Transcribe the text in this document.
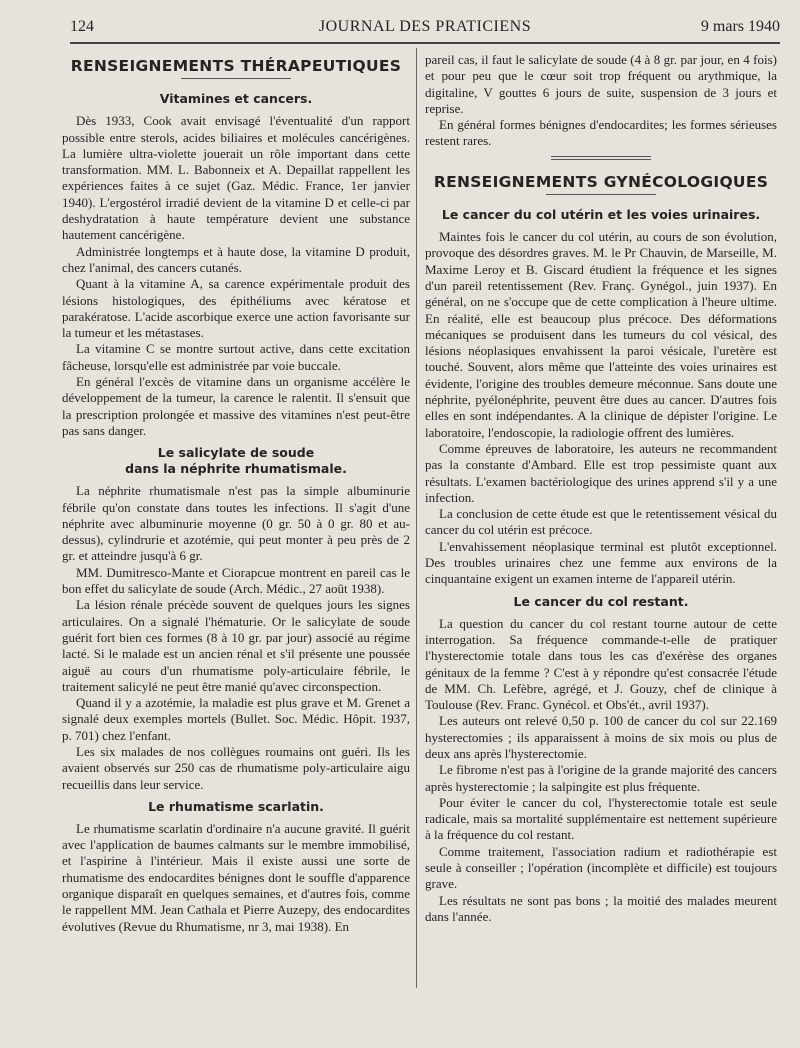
124	JOURNAL DES PRATICIENS	9 mars 1940
RENSEIGNEMENTS THÉRAPEUTIQUES
Vitamines et cancers.

Dès 1933, Cook avait envisagé l'éventualité d'un rapport possible entre sterols, acides biliaires et molécules cancérigènes. La lumière ultra-violette jouerait un rôle important dans cette transformation. MM. L. Babonneix et A. Depaillat rappellent les expériences faites à ce sujet (Gaz. Médic. France, 1er janvier 1940). L'ergostérol irradié devient de la vitamine D et celle-ci par deshydratation à haute température devient une substance hautement cancérigène.

Administrée longtemps et à haute dose, la vitamine D produit, chez l'animal, des cancers cutanés.

Quant à la vitamine A, sa carence expérimentale produit des lésions histologiques, des épithéliums avec kératose et parakératose. L'acide ascorbique exerce une action favorisante sur la tumeur et les métastases.

La vitamine C se montre surtout active, dans cette excitation fâcheuse, lorsqu'elle est administrée par voie buccale.

En général l'excès de vitamine dans un organisme accélère le développement de la tumeur, la carence le ralentit. Il s'ensuit que la prescription prolongée et massive des vitamines n'est peut-être pas sans danger.

Le salicylate de soude
dans la néphrite rhumatismale.

La néphrite rhumatismale n'est pas la simple albuminurie fébrile qu'on constate dans toutes les infections. Il s'agit d'une néphrite avec albuminurie moyenne (0 gr. 50 à 0 gr. 80 et au-dessus), cylindrurie et azotémie, qui peut monter à peu près de 2 gr. et atteindre jusqu'à 6 gr.

MM. Dumitresco-Mante et Ciorapcue montrent en pareil cas le bon effet du salicylate de soude (Arch. Médic., 27 août 1938).

La lésion rénale précède souvent de quelques jours les signes articulaires. On a signalé l'hématurie. Or le salicylate de soude guérit fort bien ces formes (8 à 10 gr. par jour) associé au régime lacté. Si le malade est un ancien rénal et s'il présente une poussée aiguë au cours d'un rhumatisme poly-articulaire fébrile, le traitement salicylé ne peut être manié qu'avec circonspection.

Quand il y a azotémie, la maladie est plus grave et M. Grenet a signalé deux exemples mortels (Bullet. Soc. Médic. Hôpit. 1937, p. 701) chez l'enfant.

Les six malades de nos collègues roumains ont guéri. Ils les avaient observés sur 250 cas de rhumatisme poly-articulaire aigu recueillis dans leur service.

Le rhumatisme scarlatin.

Le rhumatisme scarlatin d'ordinaire n'a aucune gravité. Il guérit avec l'application de baumes calmants sur le membre immobilisé, et l'aspirine à l'intérieur. Mais il existe aussi une sorte de rhumatisme des endocardites bénignes dont le souffle d'apparence organique disparaît en quelques semaines, et d'autres fois, comme le rappellent MM. Jean Cathala et Pierre Auzepy, des endocardites évolutives (Revue du Rhumatisme, nr 3, mai 1938). En

pareil cas, il faut le salicylate de soude (4 à 8 gr. par jour, en 4 fois) et pour peu que le cœur soit trop fréquent ou arythmique, la digitaline, V gouttes 6 jours de suite, suspension de 3 jours et reprise.

En général formes bénignes d'endocardites; les formes sérieuses restent rares.

RENSEIGNEMENTS GYNÉCOLOGIQUES
Le cancer du col utérin et les voies urinaires.

Maintes fois le cancer du col utérin, au cours de son évolution, provoque des désordres graves. M. le Pr Chauvin, de Marseille, M. Maxime Leroy et B. Giscard étudient la fréquence et les signes d'un pareil retentissement (Rev. Franç. Gynégol., juin 1937). En général, on ne s'occupe que de cette complication à l'heure ultime. En réalité, elle est beaucoup plus précoce. Des déformations mécaniques se produisent dans les tumeurs du col vésical, des lésions néoplasiques envahissent la paroi vésicale, l'uretère est touché. Souvent, alors même que l'atteinte des voies urinaires est évidente, l'origine des troubles demeure méconnue. Sans doute une néphrite, pyélonéphrite, peuvent être dues au cancer. D'autres fois elles en sont indépendantes. A la clinique de dépister l'origine. Le laboratoire, l'endoscopie, la radiologie offrent des lumières.

Comme épreuves de laboratoire, les auteurs ne recommandent pas la constante d'Ambard. Elle est trop pessimiste quant aux résultats. L'examen bactériologique des urines apprend s'il y a une infection.

La conclusion de cette étude est que le retentissement vésical du cancer du col utérin est précoce.

L'envahissement néoplasique terminal est plutôt exceptionnel. Des troubles urinaires chez une femme aux environs de la cinquantaine exigent un examen interne de l'appareil utérin.

Le cancer du col restant.

La question du cancer du col restant tourne autour de cette interrogation. Sa fréquence commande-t-elle de pratiquer l'hysterectomie totale dans tous les cas d'exérèse des organes génitaux de la femme ? C'est à y répondre qu'est consacrée l'étude de MM. Ch. Lefèbre, agrégé, et J. Gouzy, chef de clinique à Toulouse (Rev. Franc. Gynécol. et Obs'ét., avril 1937).

Les auteurs ont relevé 0,50 p. 100 de cancer du col sur 22.169 hysterectomies ; ils apparaissent à moins de six mois ou plus de deux ans après l'hysterectomie.

Le fibrome n'est pas à l'origine de la grande majorité des cancers après hysterectomie ; la salpingite est plus fréquente.

Pour éviter le cancer du col, l'hysterectomie totale est seule radicale, mais sa mortalité supplémentaire est nettement supérieure à la fréquence du col restant.

Comme traitement, l'association radium et radiothérapie est seule à conseiller ; l'opération (incomplète et difficile) est toujours grave.

Les résultats ne sont pas bons ; la moitié des malades meurent dans l'année.
